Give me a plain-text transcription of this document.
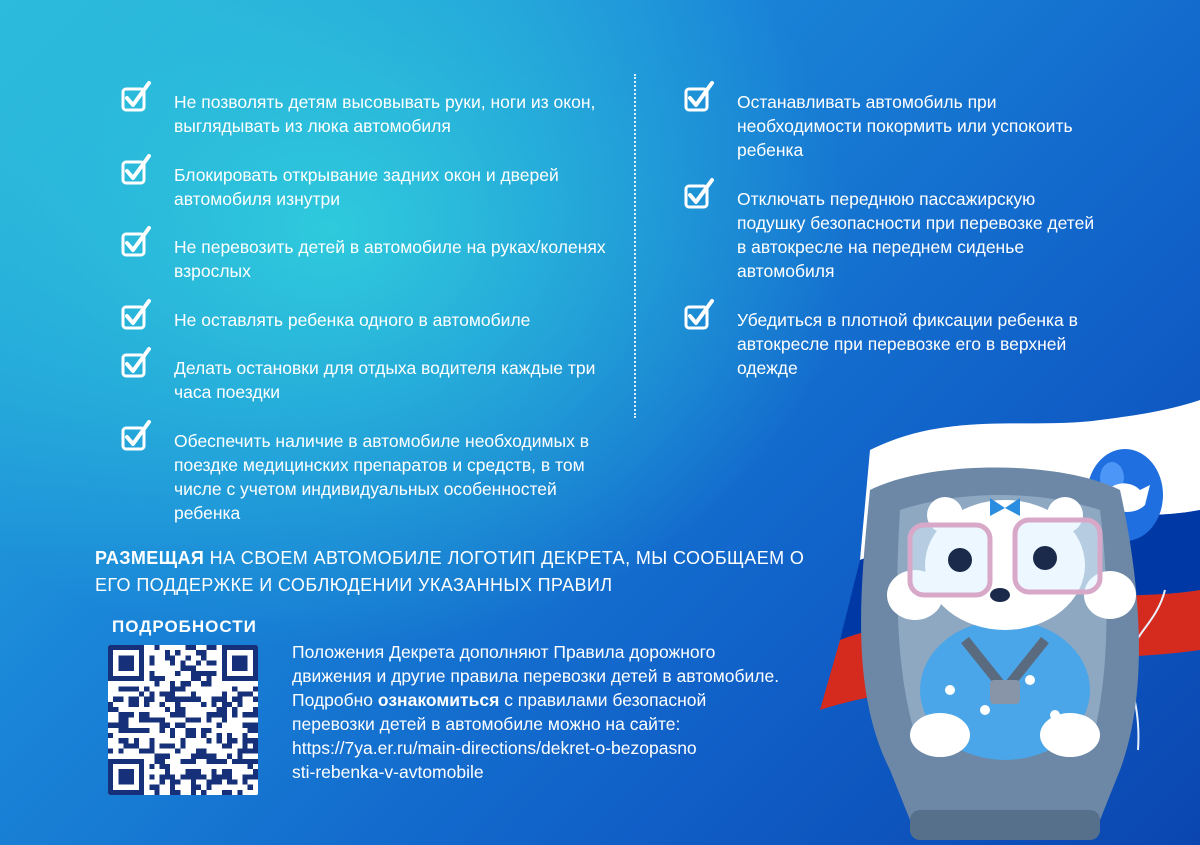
Не позволять детям высовывать руки, ноги из окон, выглядывать из люка автомобиля
Блокировать открывание задних окон и дверей автомобиля изнутри
Не перевозить детей в автомобиле на руках/коленях взрослых
Не оставлять ребенка одного в автомобиле
Делать остановки для отдыха водителя каждые три часа поездки
Обеспечить наличие в автомобиле необходимых в поездке медицинских препаратов и средств, в том числе с учетом индивидуальных особенностей ребенка
Останавливать автомобиль при необходимости покормить или успокоить ребенка
Отключать переднюю пассажирскую подушку безопасности при перевозке детей в автокресле на переднем сиденье автомобиля
Убедиться в плотной фиксации ребенка в автокресле при перевозке его в верхней одежде
РАЗМЕЩАЯ НА СВОЕМ АВТОМОБИЛЕ ЛОГОТИП ДЕКРЕТА, МЫ СООБЩАЕМ О ЕГО ПОДДЕРЖКЕ И СОБЛЮДЕНИИ УКАЗАННЫХ ПРАВИЛ
ПОДРОБНОСТИ
Положения Декрета дополняют Правила дорожного движения и другие правила перевозки детей в автомобиле. Подробно ознакомиться с правилами безопасной перевозки детей в автомобиле можно на сайте:
https://7ya.er.ru/main-directions/dekret-o-bezopasno
sti-rebenka-v-avtomobile
